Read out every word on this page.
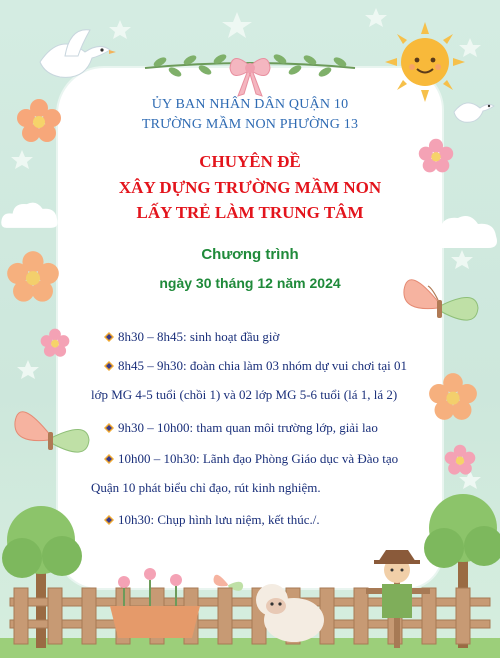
ỦY BAN NHÂN DÂN QUẬN 10
TRƯỜNG MẦM NON PHƯỜNG 13
CHUYÊN ĐỀ
XÂY DỰNG TRƯỜNG MẦM NON
LẤY TRẺ LÀM TRUNG TÂM
Chương trình
ngày 30 tháng 12 năm 2024
8h30 – 8h45: sinh hoạt đầu giờ
8h45 – 9h30: đoàn chia làm 03 nhóm dự vui chơi tại 01
lớp MG 4-5 tuổi (chồi 1) và 02 lớp MG 5-6 tuổi (lá 1, lá 2)
9h30 – 10h00: tham quan môi trường lớp, giải lao
10h00 – 10h30: Lãnh đạo Phòng Giáo dục và Đào tạo
Quận 10 phát biểu chỉ đạo, rút kinh nghiệm.
10h30: Chụp hình lưu niệm, kết thúc./.
